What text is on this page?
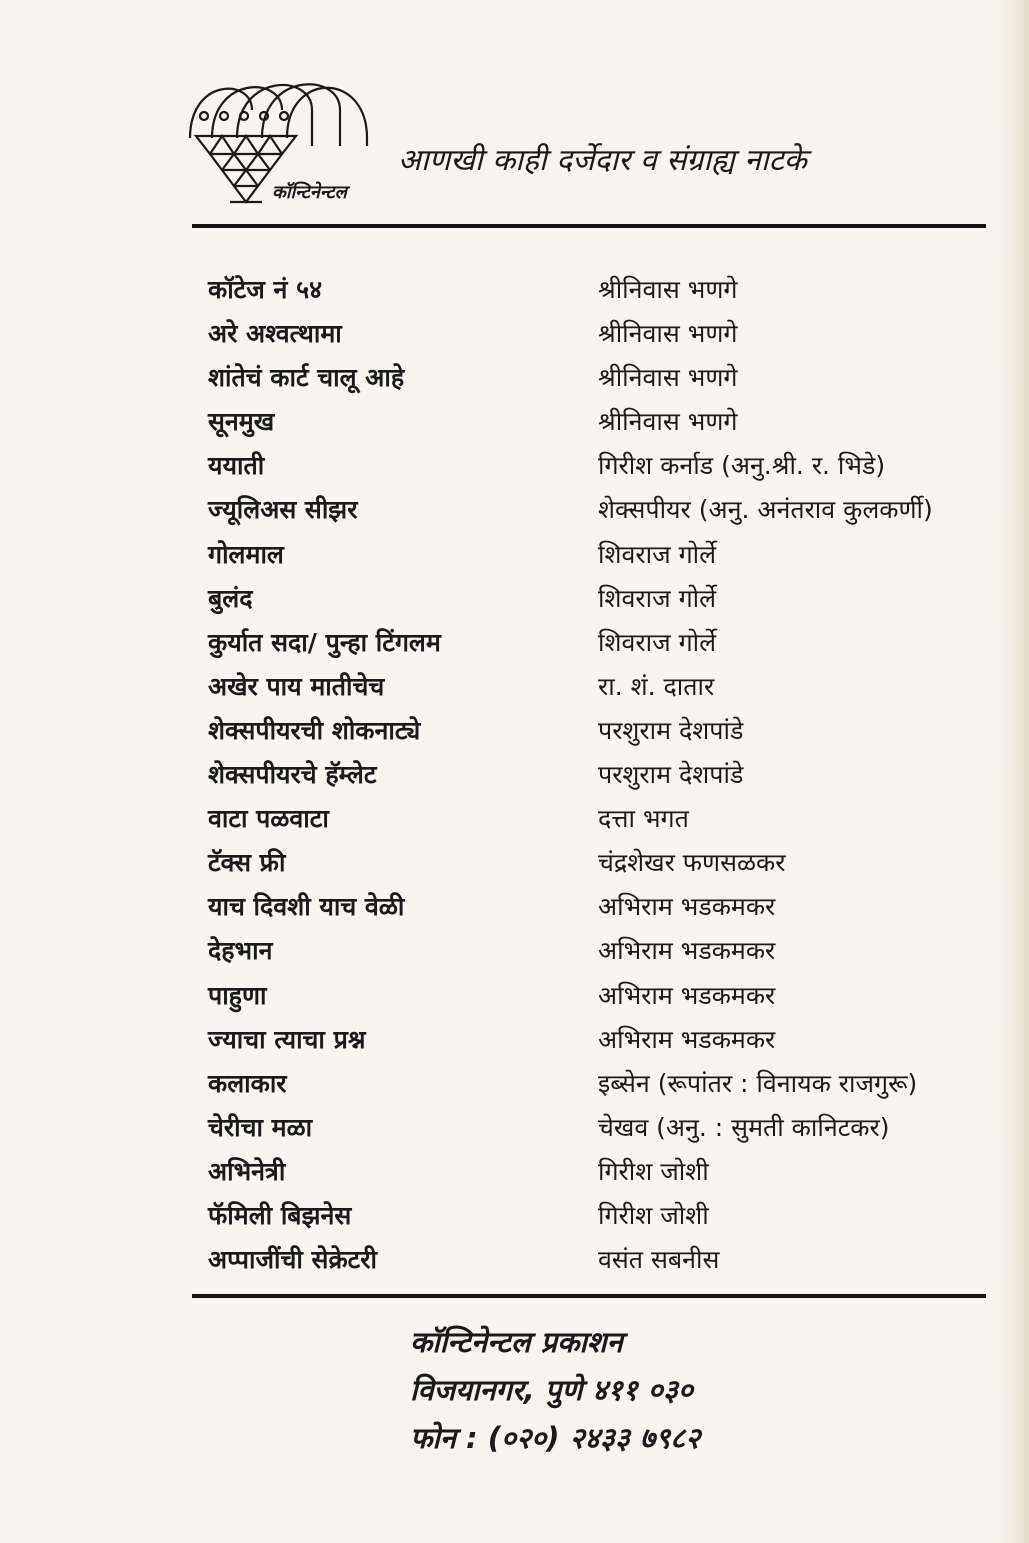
कॉन्टिनेन्टल
आणखी काही दर्जेदार व संग्राह्य नाटके
कॉटेज नं ५४	श्रीनिवास भणगे
अरे अश्वत्थामा	श्रीनिवास भणगे
शांतेचं कार्ट चालू आहे	श्रीनिवास भणगे
सूनमुख	श्रीनिवास भणगे
ययाती	गिरीश कर्नाड (अनु.श्री. र. भिडे)
ज्यूलिअस सीझर	शेक्सपीयर (अनु. अनंतराव कुलकर्णी)
गोलमाल	शिवराज गोर्ले
बुलंद	शिवराज गोर्ले
कुर्यात सदा/ पुन्हा टिंगलम	शिवराज गोर्ले
अखेर पाय मातीचेच	रा. शं. दातार
शेक्सपीयरची शोकनाट्ये	परशुराम देशपांडे
शेक्सपीयरचे हॅम्लेट	परशुराम देशपांडे
वाटा पळवाटा	दत्ता भगत
टॅक्स फ्री	चंद्रशेखर फणसळकर
याच दिवशी याच वेळी	अभिराम भडकमकर
देहभान	अभिराम भडकमकर
पाहुणा	अभिराम भडकमकर
ज्याचा त्याचा प्रश्न	अभिराम भडकमकर
कलाकार	इब्सेन (रूपांतर : विनायक राजगुरू)
चेरीचा मळा	चेखव (अनु. : सुमती कानिटकर)
अभिनेत्री	गिरीश जोशी
फॅमिली बिझनेस	गिरीश जोशी
अप्पाजींची सेक्रेटरी	वसंत सबनीस
कॉन्टिनेन्टल प्रकाशन
विजयानगर, पुणे ४११ ०३०
फोन : (०२०) २४३३ ७९८२
